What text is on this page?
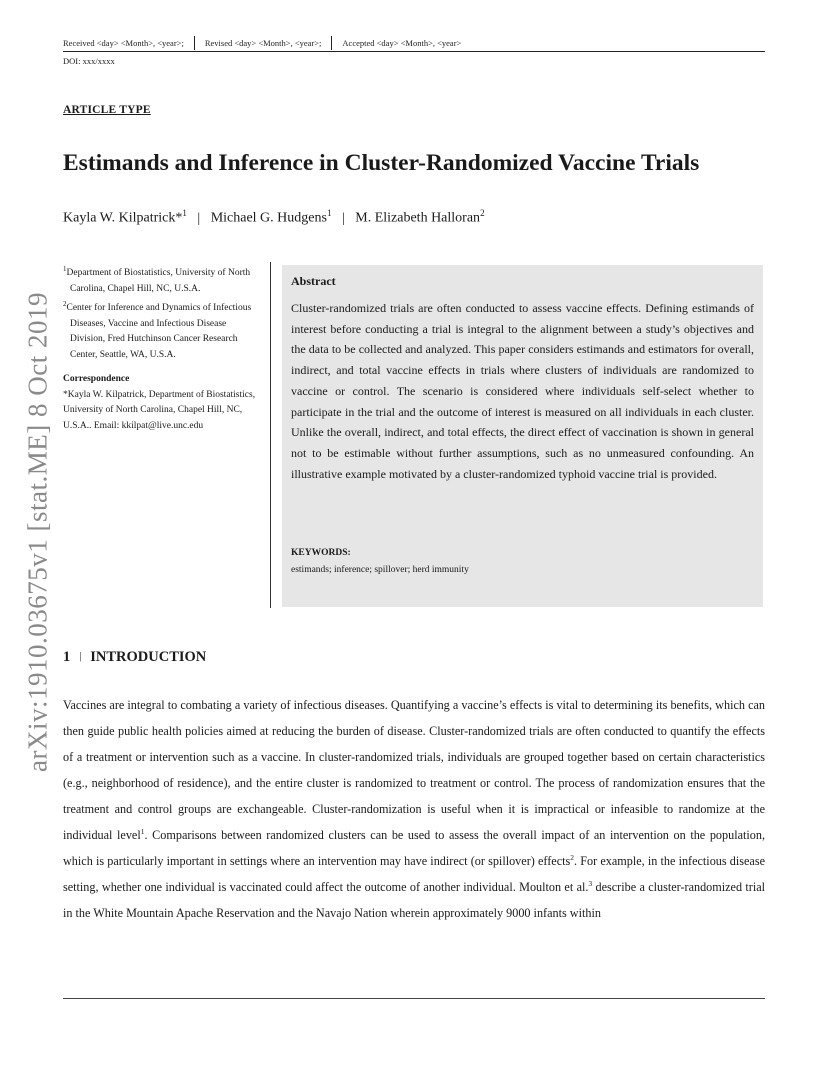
Received <day> <Month>, <year>; Revised <day> <Month>, <year>; Accepted <day> <Month>, <year>
DOI: xxx/xxxx
ARTICLE TYPE
Estimands and Inference in Cluster-Randomized Vaccine Trials
Kayla W. Kilpatrick*$^1$ | Michael G. Hudgens$^1$ | M. Elizabeth Halloran$^2$
$^1$Department of Biostatistics, University of North Carolina, Chapel Hill, NC, U.S.A.
$^2$Center for Inference and Dynamics of Infectious Diseases, Vaccine and Infectious Disease Division, Fred Hutchinson Cancer Research Center, Seattle, WA, U.S.A.
Correspondence
*Kayla W. Kilpatrick, Department of Biostatistics, University of North Carolina, Chapel Hill, NC, U.S.A.. Email: kkilpat@live.unc.edu
Abstract
Cluster-randomized trials are often conducted to assess vaccine effects. Defining estimands of interest before conducting a trial is integral to the alignment between a study’s objectives and the data to be collected and analyzed. This paper considers estimands and estimators for overall, indirect, and total vaccine effects in trials where clusters of individuals are randomized to vaccine or control. The scenario is considered where individuals self-select whether to participate in the trial and the outcome of interest is measured on all individuals in each cluster. Unlike the overall, indirect, and total effects, the direct effect of vaccination is shown in general not to be estimable without further assumptions, such as no unmeasured confounding. An illustrative example motivated by a cluster-randomized typhoid vaccine trial is provided.
KEYWORDS:
estimands; inference; spillover; herd immunity
arXiv:1910.03675v1 [stat.ME] 8 Oct 2019 1 | INTRODUCTION
Vaccines are integral to combating a variety of infectious diseases. Quantifying a vaccine’s effects is vital to determining its benefits, which can then guide public health policies aimed at reducing the burden of disease. Cluster-randomized trials are often conducted to quantify the effects of a treatment or intervention such as a vaccine. In cluster-randomized trials, individuals are grouped together based on certain characteristics (e.g., neighborhood of residence), and the entire cluster is randomized to treatment or control. The process of randomization ensures that the treatment and control groups are exchangeable. Cluster-randomization is useful when it is impractical or infeasible to randomize at the individual level$^1$. Comparisons between randomized clusters can be used to assess the overall impact of an intervention on the population, which is particularly important in settings where an intervention may have indirect (or spillover) effects$^2$. For example, in the infectious disease setting, whether one individual is vaccinated could affect the outcome of another individual. Moulton et al.$^3$ describe a cluster-randomized trial in the White Mountain Apache Reservation and the Navajo Nation wherein approximately 9000 infants within
